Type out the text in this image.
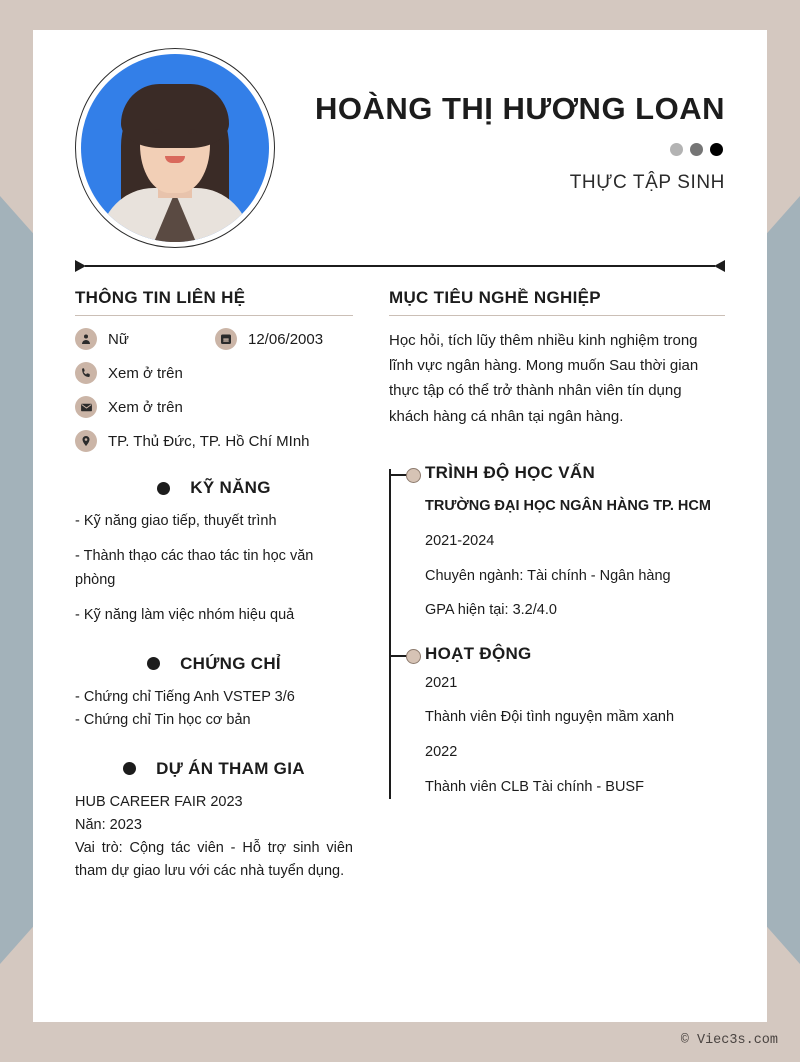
HOÀNG THỊ HƯƠNG LOAN
THỰC TẬP SINH
THÔNG TIN LIÊN HỆ
Nữ	12/06/2003
Xem ở trên
Xem ở trên
TP. Thủ Đức, TP. Hồ Chí MInh
KỸ NĂNG
- Kỹ năng giao tiếp, thuyết trình
- Thành thạo các thao tác tin học văn phòng
- Kỹ năng làm việc nhóm hiệu quả
CHỨNG CHỈ
- Chứng chỉ Tiếng Anh VSTEP 3/6
- Chứng chỉ Tin học cơ bản
DỰ ÁN THAM GIA
HUB CAREER FAIR 2023
Năn: 2023
Vai trò: Cộng tác viên - Hỗ trợ sinh viên tham dự giao lưu với các nhà tuyển dụng.
MỤC TIÊU NGHỀ NGHIỆP
Học hỏi, tích lũy thêm nhiều kinh nghiệm trong lĩnh vực ngân hàng. Mong muốn Sau thời gian thực tập có thể trở thành nhân viên tín dụng khách hàng cá nhân tại ngân hàng.
TRÌNH ĐỘ HỌC VẤN
TRƯỜNG ĐẠI HỌC NGÂN HÀNG TP. HCM
2021-2024
Chuyên ngành: Tài chính - Ngân hàng
GPA hiện tại: 3.2/4.0
HOẠT ĐỘNG
2021
Thành viên Đội tình nguyện mầm xanh
2022
Thành viên CLB Tài chính - BUSF
© Viec3s.com
